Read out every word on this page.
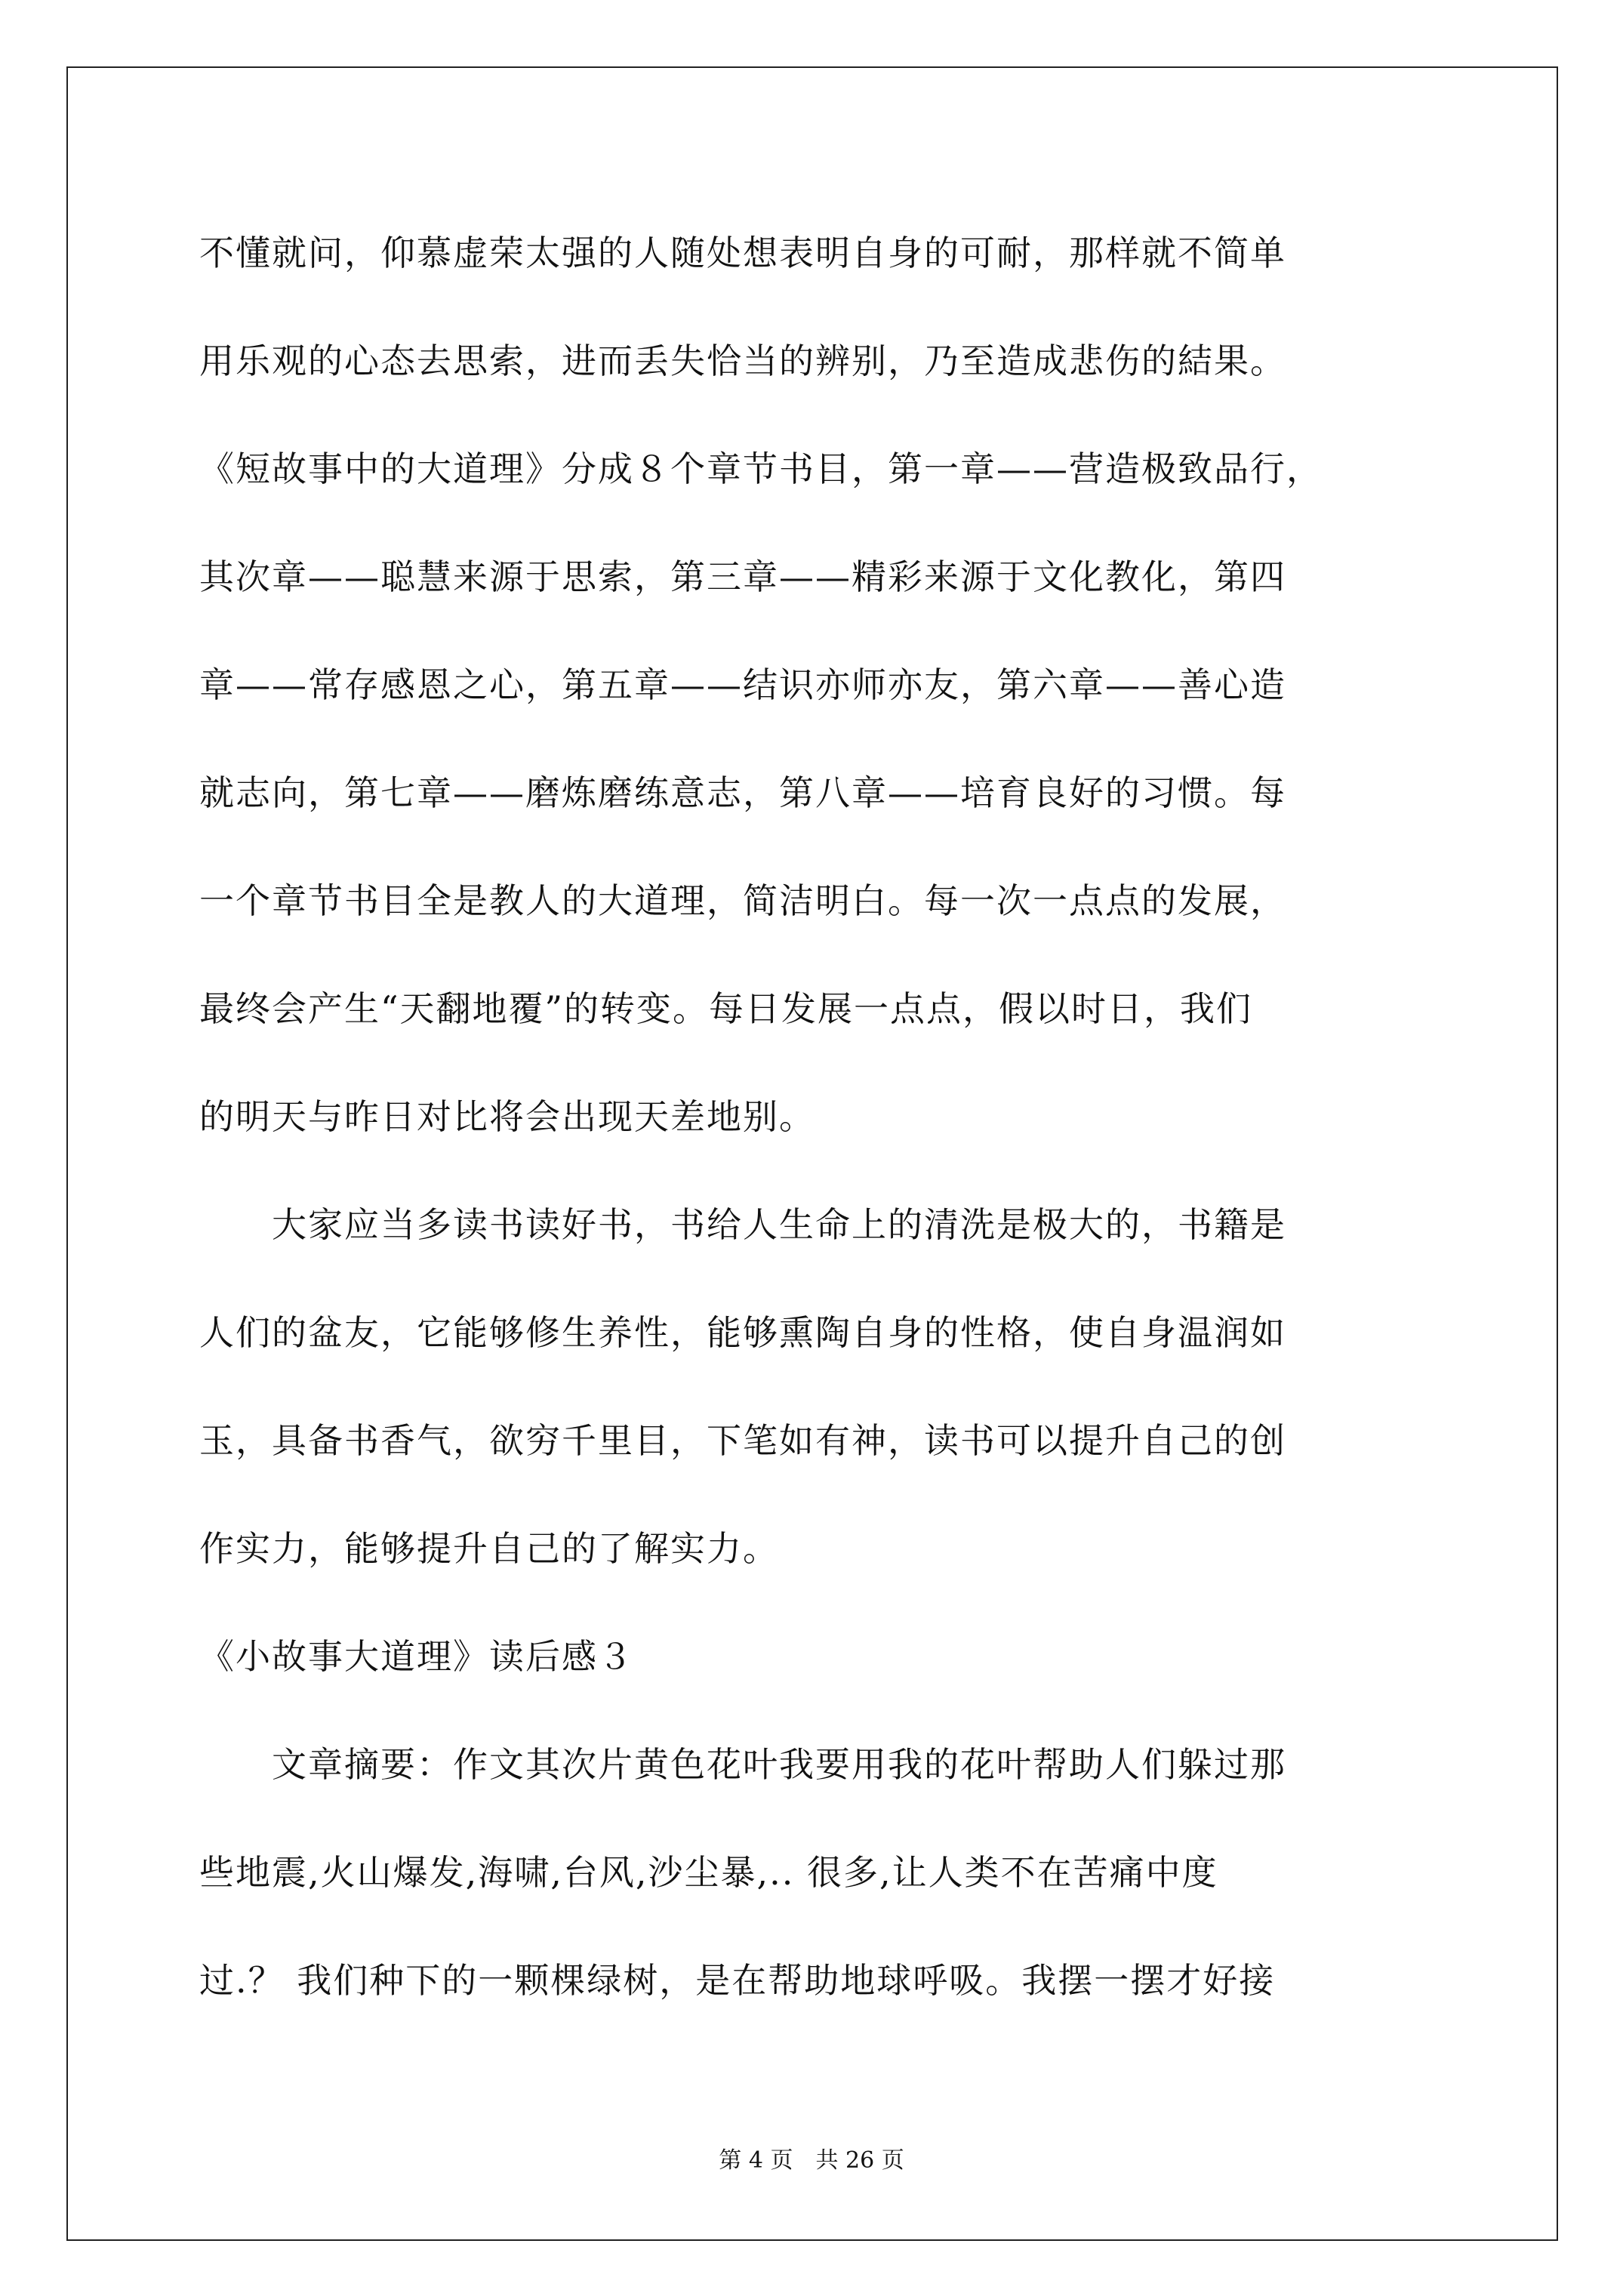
不懂就问，仰慕虚荣太强的人随处想表明自身的可耐，那样就不简单
用乐观的心态去思索，进而丢失恰当的辨别，乃至造成悲伤的結果。
《短故事中的大道理》分成８个章节书目，第一章——营造极致品行，
其次章——聪慧来源于思索，第三章——精彩来源于文化教化，第四
章——常存感恩之心，第五章——结识亦师亦友，第六章——善心造
就志向，第七章——磨炼磨练意志，第八章——培育良好的习惯。每
一个章节书目全是教人的大道理，简洁明白。每一次一点点的发展，
最终会产生“天翻地覆”的转变。每日发展一点点，假以时日，我们
的明天与昨日对比将会出现天差地别。
　　大家应当多读书读好书，书给人生命上的清洗是极大的，书籍是
人们的盆友，它能够修生养性，能够熏陶自身的性格，使自身温润如
玉，具备书香气，欲穷千里目，下笔如有神，读书可以提升自己的创
作实力，能够提升自己的了解实力。
《小故事大道理》读后感３
　　文章摘要：作文其次片黄色花叶我要用我的花叶帮助人们躲过那
些地震,火山爆发,海啸,台风,沙尘暴,.. 很多,让人类不在苦痛中度
过.？ 我们种下的一颗棵绿树，是在帮助地球呼吸。我摆一摆才好接
第 4 页　共 26 页
